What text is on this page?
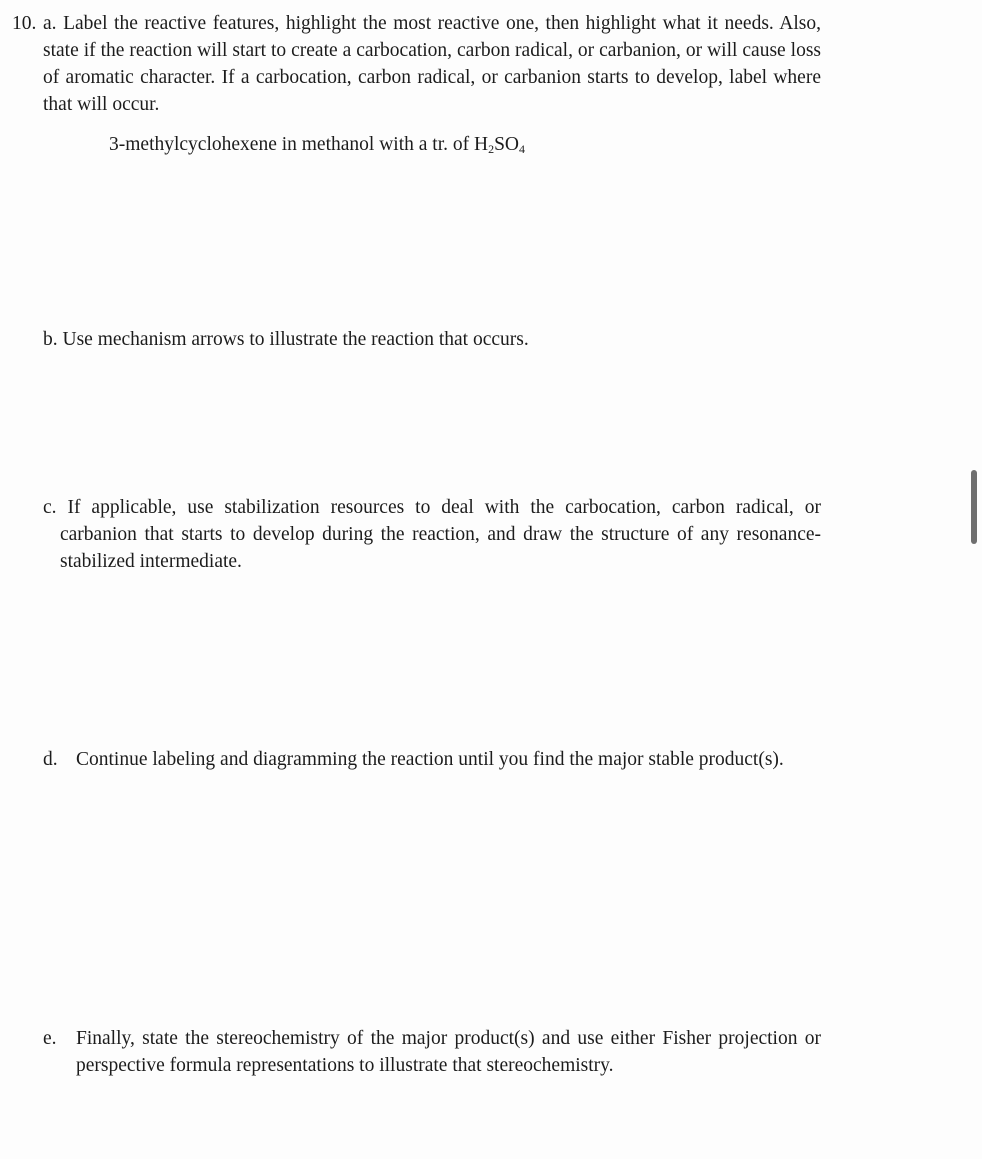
10. a. Label the reactive features, highlight the most reactive one, then highlight what it needs. Also, state if the reaction will start to create a carbocation, carbon radical, or carbanion, or will cause loss of aromatic character. If a carbocation, carbon radical, or carbanion starts to develop, label where that will occur.

3-methylcyclohexene in methanol with a tr. of $H_2SO_4$

b. Use mechanism arrows to illustrate the reaction that occurs.

c. If applicable, use stabilization resources to deal with the carbocation, carbon radical, or carbanion that starts to develop during the reaction, and draw the structure of any resonance-stabilized intermediate.

d. Continue labeling and diagramming the reaction until you find the major stable product(s).

e. Finally, state the stereochemistry of the major product(s) and use either Fisher projection or perspective formula representations to illustrate that stereochemistry.
